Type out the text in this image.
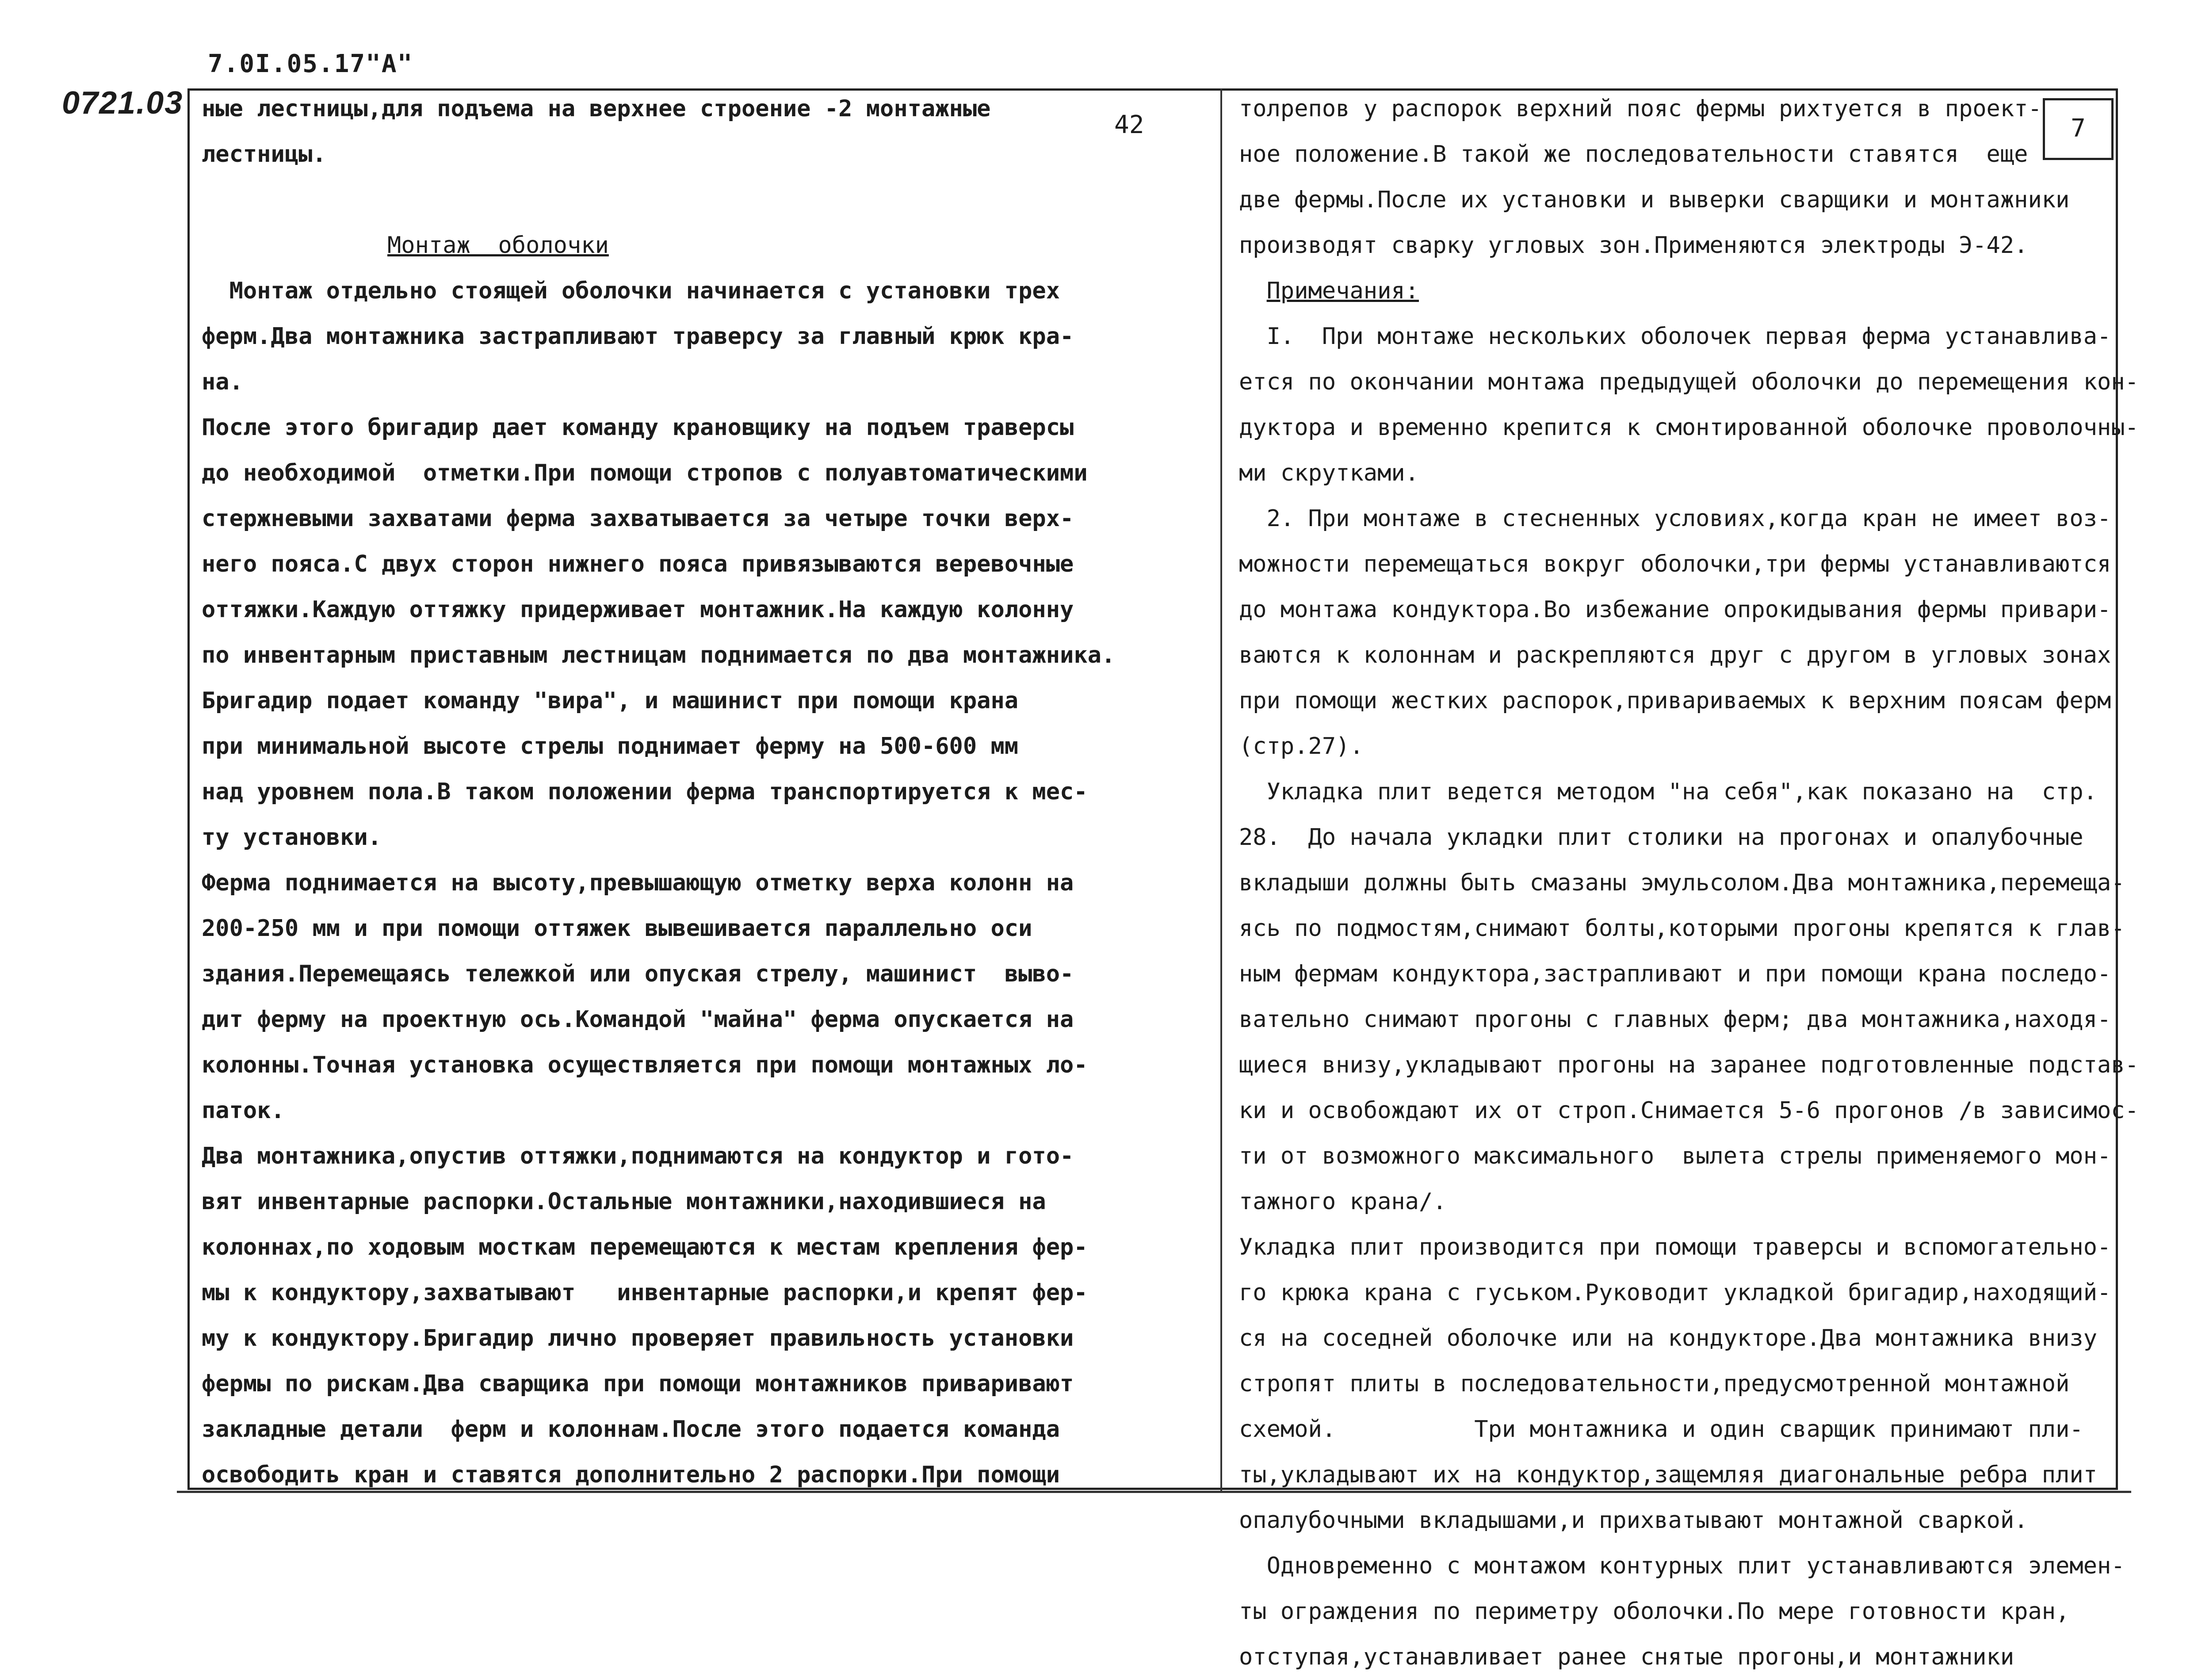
7.0I.05.17"А"
0721.03
42	7
ные лестницы,для подъема на верхнее строение -2 монтажные
лестницы.
Монтаж  оболочки
Монтаж отдельно стоящей оболочки начинается с установки трех
ферм.Два монтажника застрапливают траверсу за главный крюк кра-
на.
После этого бригадир дает команду крановщику на подъем траверсы
до необходимой  отметки.При помощи стропов с полуавтоматическими
стержневыми захватами ферма захватывается за четыре точки верх-
него пояса.С двух сторон нижнего пояса привязываются веревочные
оттяжки.Каждую оттяжку придерживает монтажник.На каждую колонну
по инвентарным приставным лестницам поднимается по два монтажника.
Бригадир подает команду "вира", и машинист при помощи крана
при минимальной высоте стрелы поднимает ферму на 500-600 мм
над уровнем пола.В таком положении ферма транспортируется к мес-
ту установки.
Ферма поднимается на высоту,превышающую отметку верха колонн на
200-250 мм и при помощи оттяжек вывешивается параллельно оси
здания.Перемещаясь тележкой или опуская стрелу, машинист  выво-
дит ферму на проектную ось.Командой "майна" ферма опускается на
колонны.Точная установка осуществляется при помощи монтажных ло-
паток.
Два монтажника,опустив оттяжки,поднимаются на кондуктор и гото-
вят инвентарные распорки.Остальные монтажники,находившиеся на
колоннах,по ходовым мосткам перемещаются к местам крепления фер-
мы к кондуктору,захватывают   инвентарные распорки,и крепят фер-
му к кондуктору.Бригадир лично проверяет правильность установки
фермы по рискам.Два сварщика при помощи монтажников приваривают
закладные детали  ферм и колоннам.После этого подается команда
освободить кран и ставятся дополнительно 2 распорки.При помощи
толрепов у распорок верхний пояс фермы рихтуется в проект-
ное положение.В такой же последовательности ставятся  еще
две фермы.После их установки и выверки сварщики и монтажники
производят сварку угловых зон.Применяются электроды Э-42.
Примечания:
I.  При монтаже нескольких оболочек первая ферма устанавлива-
ется по окончании монтажа предыдущей оболочки до перемещения кон-
дуктора и временно крепится к смонтированной оболочке проволочны-
ми скрутками.
2. При монтаже в стесненных условиях,когда кран не имеет воз-
можности перемещаться вокруг оболочки,три фермы устанавливаются
до монтажа кондуктора.Во избежание опрокидывания фермы привари-
ваются к колоннам и раскрепляются друг с другом в угловых зонах
при помощи жестких распорок,привариваемых к верхним поясам ферм
(стр.27).
Укладка плит ведется методом "на себя",как показано на  стр.
28.  До начала укладки плит столики на прогонах и опалубочные
вкладыши должны быть смазаны эмульсолом.Два монтажника,перемеща-
ясь по подмостям,снимают болты,которыми прогоны крепятся к глав-
ным фермам кондуктора,застрапливают и при помощи крана последо-
вательно снимают прогоны с главных ферм; два монтажника,находя-
щиеся внизу,укладывают прогоны на заранее подготовленные подстав-
ки и освобождают их от строп.Снимается 5-6 прогонов /в зависимос-
ти от возможного максимального  вылета стрелы применяемого мон-
тажного крана/.
Укладка плит производится при помощи траверсы и вспомогательно-
го крюка крана с гуськом.Руководит укладкой бригадир,находящий-
ся на соседней оболочке или на кондукторе.Два монтажника внизу
стропят плиты в последовательности,предусмотренной монтажной
схемой.          Три монтажника и один сварщик принимают пли-
ты,укладывают их на кондуктор,защемляя диагональные ребра плит
опалубочными вкладышами,и прихватывают монтажной сваркой.
Одновременно с монтажом контурных плит устанавливаются элемен-
ты ограждения по периметру оболочки.По мере готовности кран,
отступая,устанавливает ранее снятые прогоны,и монтажники
